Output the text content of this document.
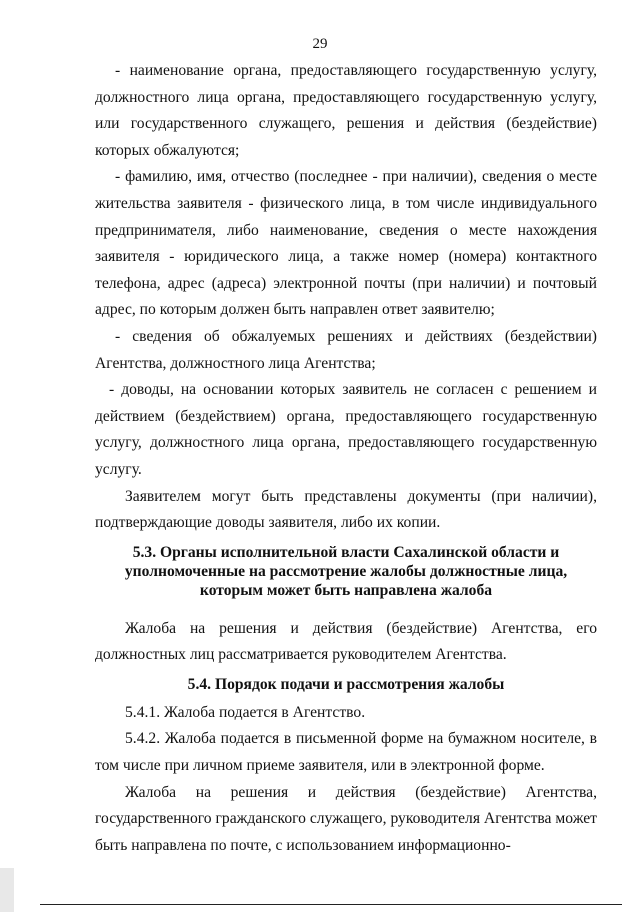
29

- наименование органа, предоставляющего государственную услугу, должностного лица органа, предоставляющего государственную услугу, или государственного служащего, решения и действия (бездействие) которых обжалуются;

- фамилию, имя, отчество (последнее - при наличии), сведения о месте жительства заявителя - физического лица, в том числе индивидуального предпринимателя, либо наименование, сведения о месте нахождения заявителя - юридического лица, а также номер (номера) контактного телефона, адрес (адреса) электронной почты (при наличии) и почтовый адрес, по которым должен быть направлен ответ заявителю;

- сведения об обжалуемых решениях и действиях (бездействии) Агентства, должностного лица Агентства;

- доводы, на основании которых заявитель не согласен с решением и действием (бездействием) органа, предоставляющего государственную услугу, должностного лица органа, предоставляющего государственную услугу.

Заявителем могут быть представлены документы (при наличии), подтверждающие доводы заявителя, либо их копии.

5.3. Органы исполнительной власти Сахалинской области и уполномоченные на рассмотрение жалобы должностные лица, которым может быть направлена жалоба

Жалоба на решения и действия (бездействие) Агентства, его должностных лиц рассматривается руководителем Агентства.

5.4. Порядок подачи и рассмотрения жалобы

5.4.1. Жалоба подается в Агентство.

5.4.2. Жалоба подается в письменной форме на бумажном носителе, в том числе при личном приеме заявителя, или в электронной форме.

Жалоба на решения и действия (бездействие) Агентства, государственного гражданского служащего, руководителя Агентства может быть направлена по почте, с использованием информационно-
